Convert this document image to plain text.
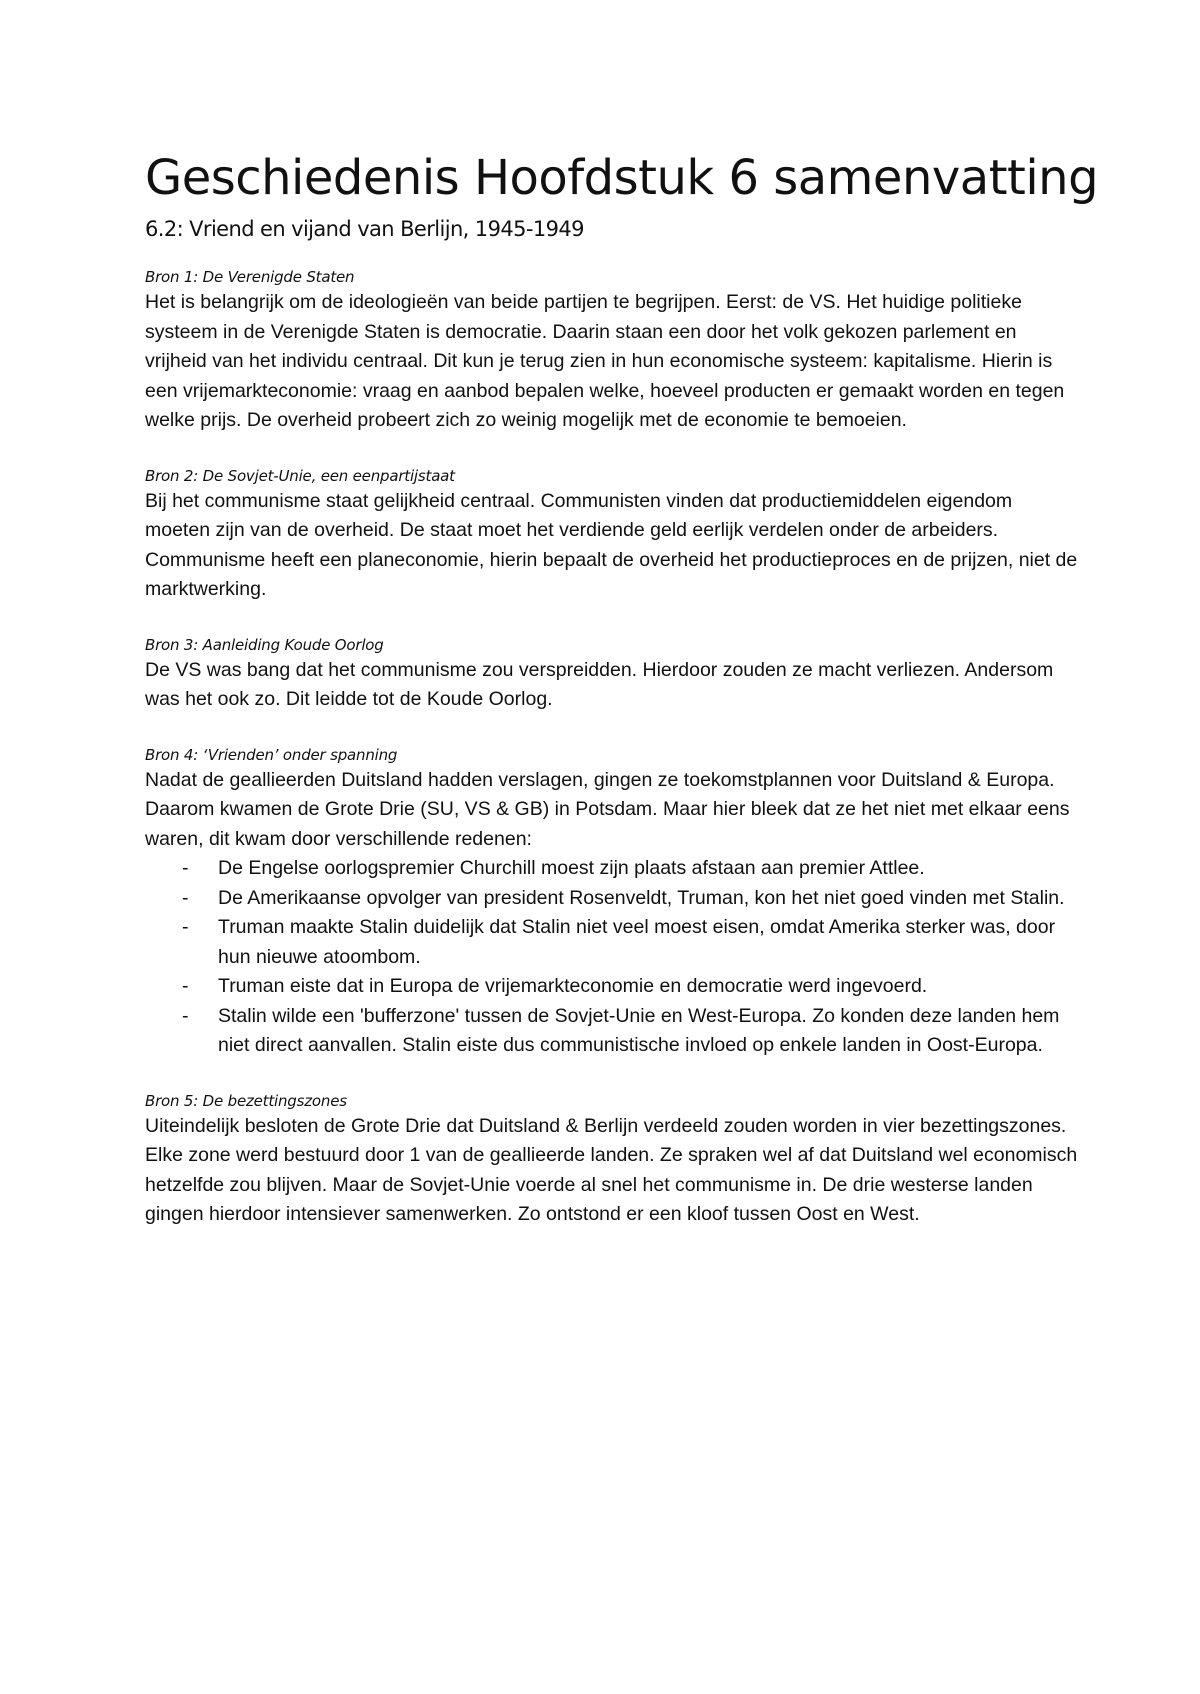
Geschiedenis Hoofdstuk 6 samenvatting
6.2: Vriend en vijand van Berlijn, 1945-1949
Bron 1: De Verenigde Staten

Het is belangrijk om de ideologieën van beide partijen te begrijpen. Eerst: de VS. Het huidige politieke systeem in de Verenigde Staten is democratie. Daarin staan een door het volk gekozen parlement en vrijheid van het individu centraal. Dit kun je terug zien in hun economische systeem: kapitalisme. Hierin is een vrijemarkteconomie: vraag en aanbod bepalen welke, hoeveel producten er gemaakt worden en tegen welke prijs. De overheid probeert zich zo weinig mogelijk met de economie te bemoeien.

Bron 2: De Sovjet-Unie, een eenpartijstaat

Bij het communisme staat gelijkheid centraal. Communisten vinden dat productiemiddelen eigendom moeten zijn van de overheid. De staat moet het verdiende geld eerlijk verdelen onder de arbeiders. Communisme heeft een planeconomie, hierin bepaalt de overheid het productieproces en de prijzen, niet de marktwerking.

Bron 3: Aanleiding Koude Oorlog

De VS was bang dat het communisme zou verspreidden. Hierdoor zouden ze macht verliezen. Andersom was het ook zo. Dit leidde tot de Koude Oorlog.

Bron 4: ‘Vrienden’ onder spanning

Nadat de geallieerden Duitsland hadden verslagen, gingen ze toekomstplannen voor Duitsland & Europa. Daarom kwamen de Grote Drie (SU, VS & GB) in Potsdam. Maar hier bleek dat ze het niet met elkaar eens waren, dit kwam door verschillende redenen:

- De Engelse oorlogspremier Churchill moest zijn plaats afstaan aan premier Attlee.
- De Amerikaanse opvolger van president Rosenveldt, Truman, kon het niet goed vinden met Stalin.
- Truman maakte Stalin duidelijk dat Stalin niet veel moest eisen, omdat Amerika sterker was, door hun nieuwe atoombom.
- Truman eiste dat in Europa de vrijemarkteconomie en democratie werd ingevoerd.
- Stalin wilde een 'bufferzone' tussen de Sovjet-Unie en West-Europa. Zo konden deze landen hem niet direct aanvallen. Stalin eiste dus communistische invloed op enkele landen in Oost-Europa.
Bron 5: De bezettingszones

Uiteindelijk besloten de Grote Drie dat Duitsland & Berlijn verdeeld zouden worden in vier bezettingszones. Elke zone werd bestuurd door 1 van de geallieerde landen. Ze spraken wel af dat Duitsland wel economisch hetzelfde zou blijven. Maar de Sovjet-Unie voerde al snel het communisme in. De drie westerse landen gingen hierdoor intensiever samenwerken. Zo ontstond er een kloof tussen Oost en West.
